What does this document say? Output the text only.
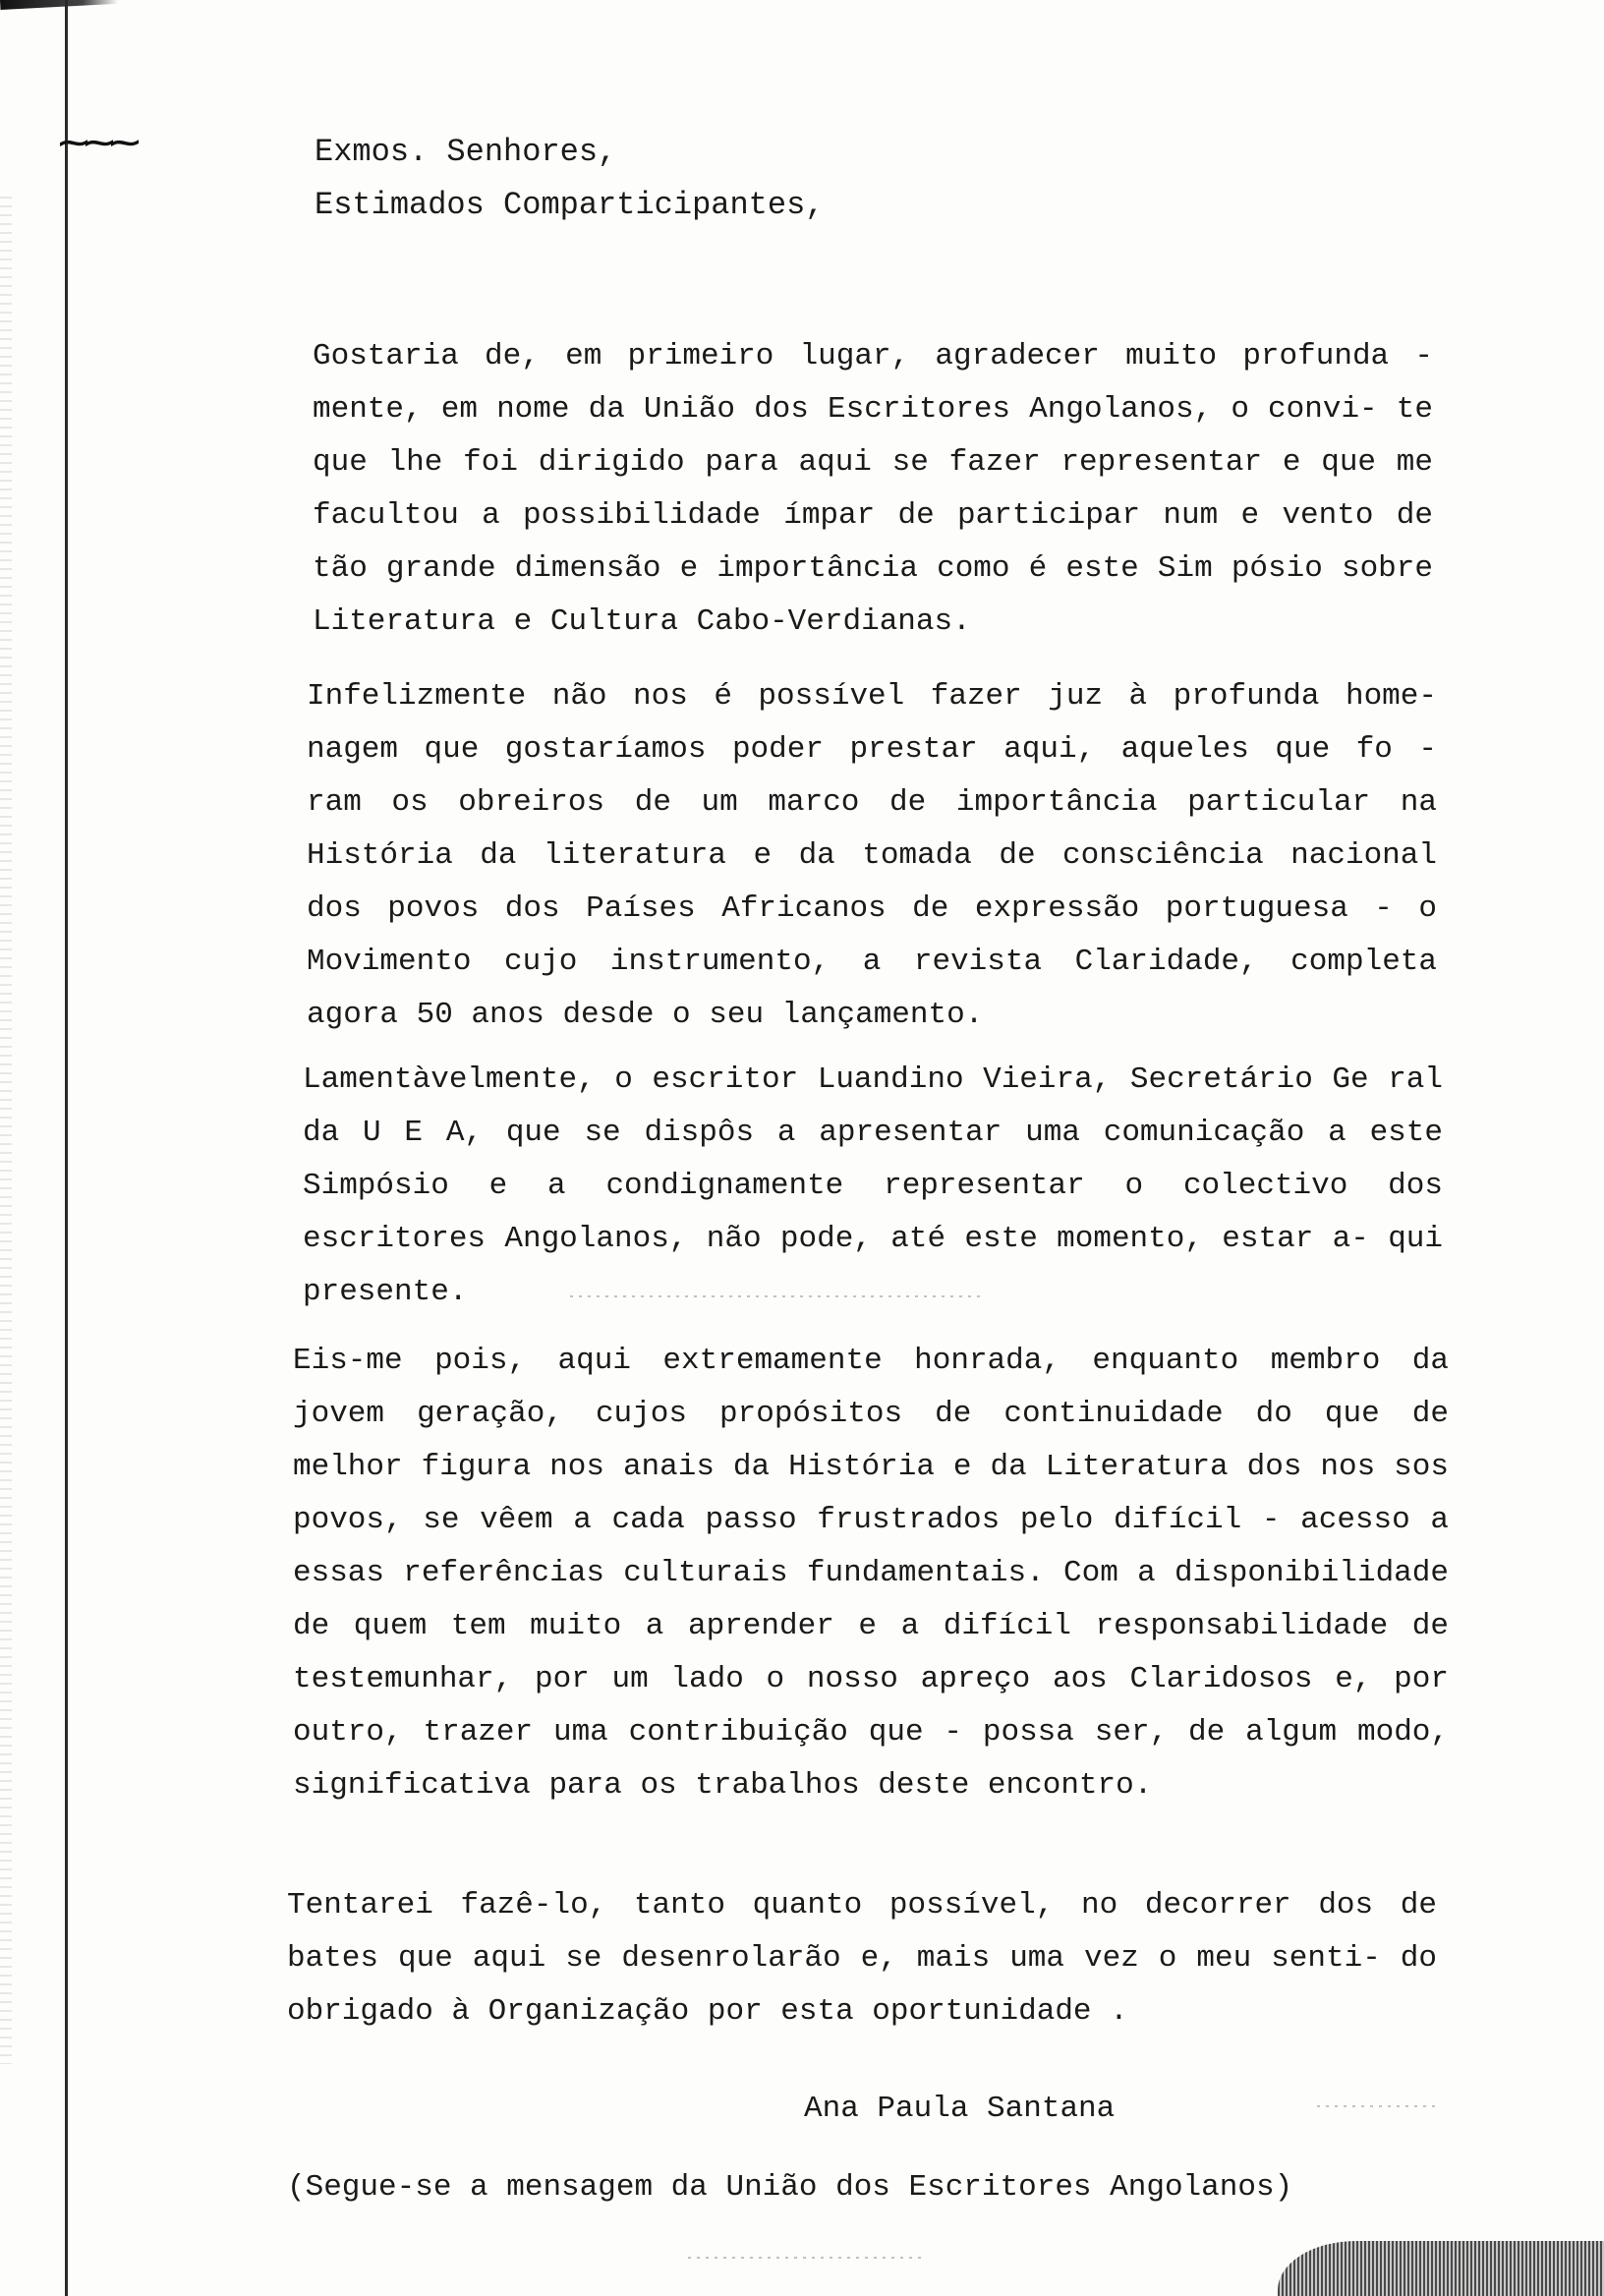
⁓⁓⁓	Exmos. Senhores,
Estimados Comparticipantes,
Gostaria de, em primeiro lugar, agradecer muito profunda - mente, em nome da União dos Escritores Angolanos, o convi- te que lhe foi dirigido para aqui se fazer representar e que me facultou a possibilidade ímpar de participar num e vento de tão grande dimensão e importância como é este Sim pósio sobre Literatura e Cultura Cabo-Verdianas.
Infelizmente não nos é possível fazer juz à profunda home- nagem que gostaríamos poder prestar aqui, aqueles que fo - ram os obreiros de um marco de importância particular na História da literatura e da tomada de consciência nacional dos povos dos Países Africanos de expressão portuguesa - o Movimento cujo instrumento, a revista Claridade, completa agora 50 anos desde o seu lançamento.
Lamentàvelmente, o escritor Luandino Vieira, Secretário Ge ral da U E A, que se dispôs a apresentar uma comunicação a este Simpósio e a condignamente representar o colectivo dos escritores Angolanos, não pode, até este momento, estar a- qui presente.
Eis-me pois, aqui extremamente honrada, enquanto membro da jovem geração, cujos propósitos de continuidade do que de melhor figura nos anais da História e da Literatura dos nos sos povos, se vêem a cada passo frustrados pelo difícil - acesso a essas referências culturais fundamentais. Com a disponibilidade de quem tem muito a aprender e a difícil responsabilidade de testemunhar, por um lado o nosso apreço aos Claridosos e, por outro, trazer uma contribuição que - possa ser, de algum modo, significativa para os trabalhos deste encontro.
Tentarei fazê-lo, tanto quanto possível, no decorrer dos de bates que aqui se desenrolarão e, mais uma vez o meu senti- do obrigado à Organização por esta oportunidade .
Ana Paula Santana
(Segue-se a mensagem da União dos Escritores Angolanos)
